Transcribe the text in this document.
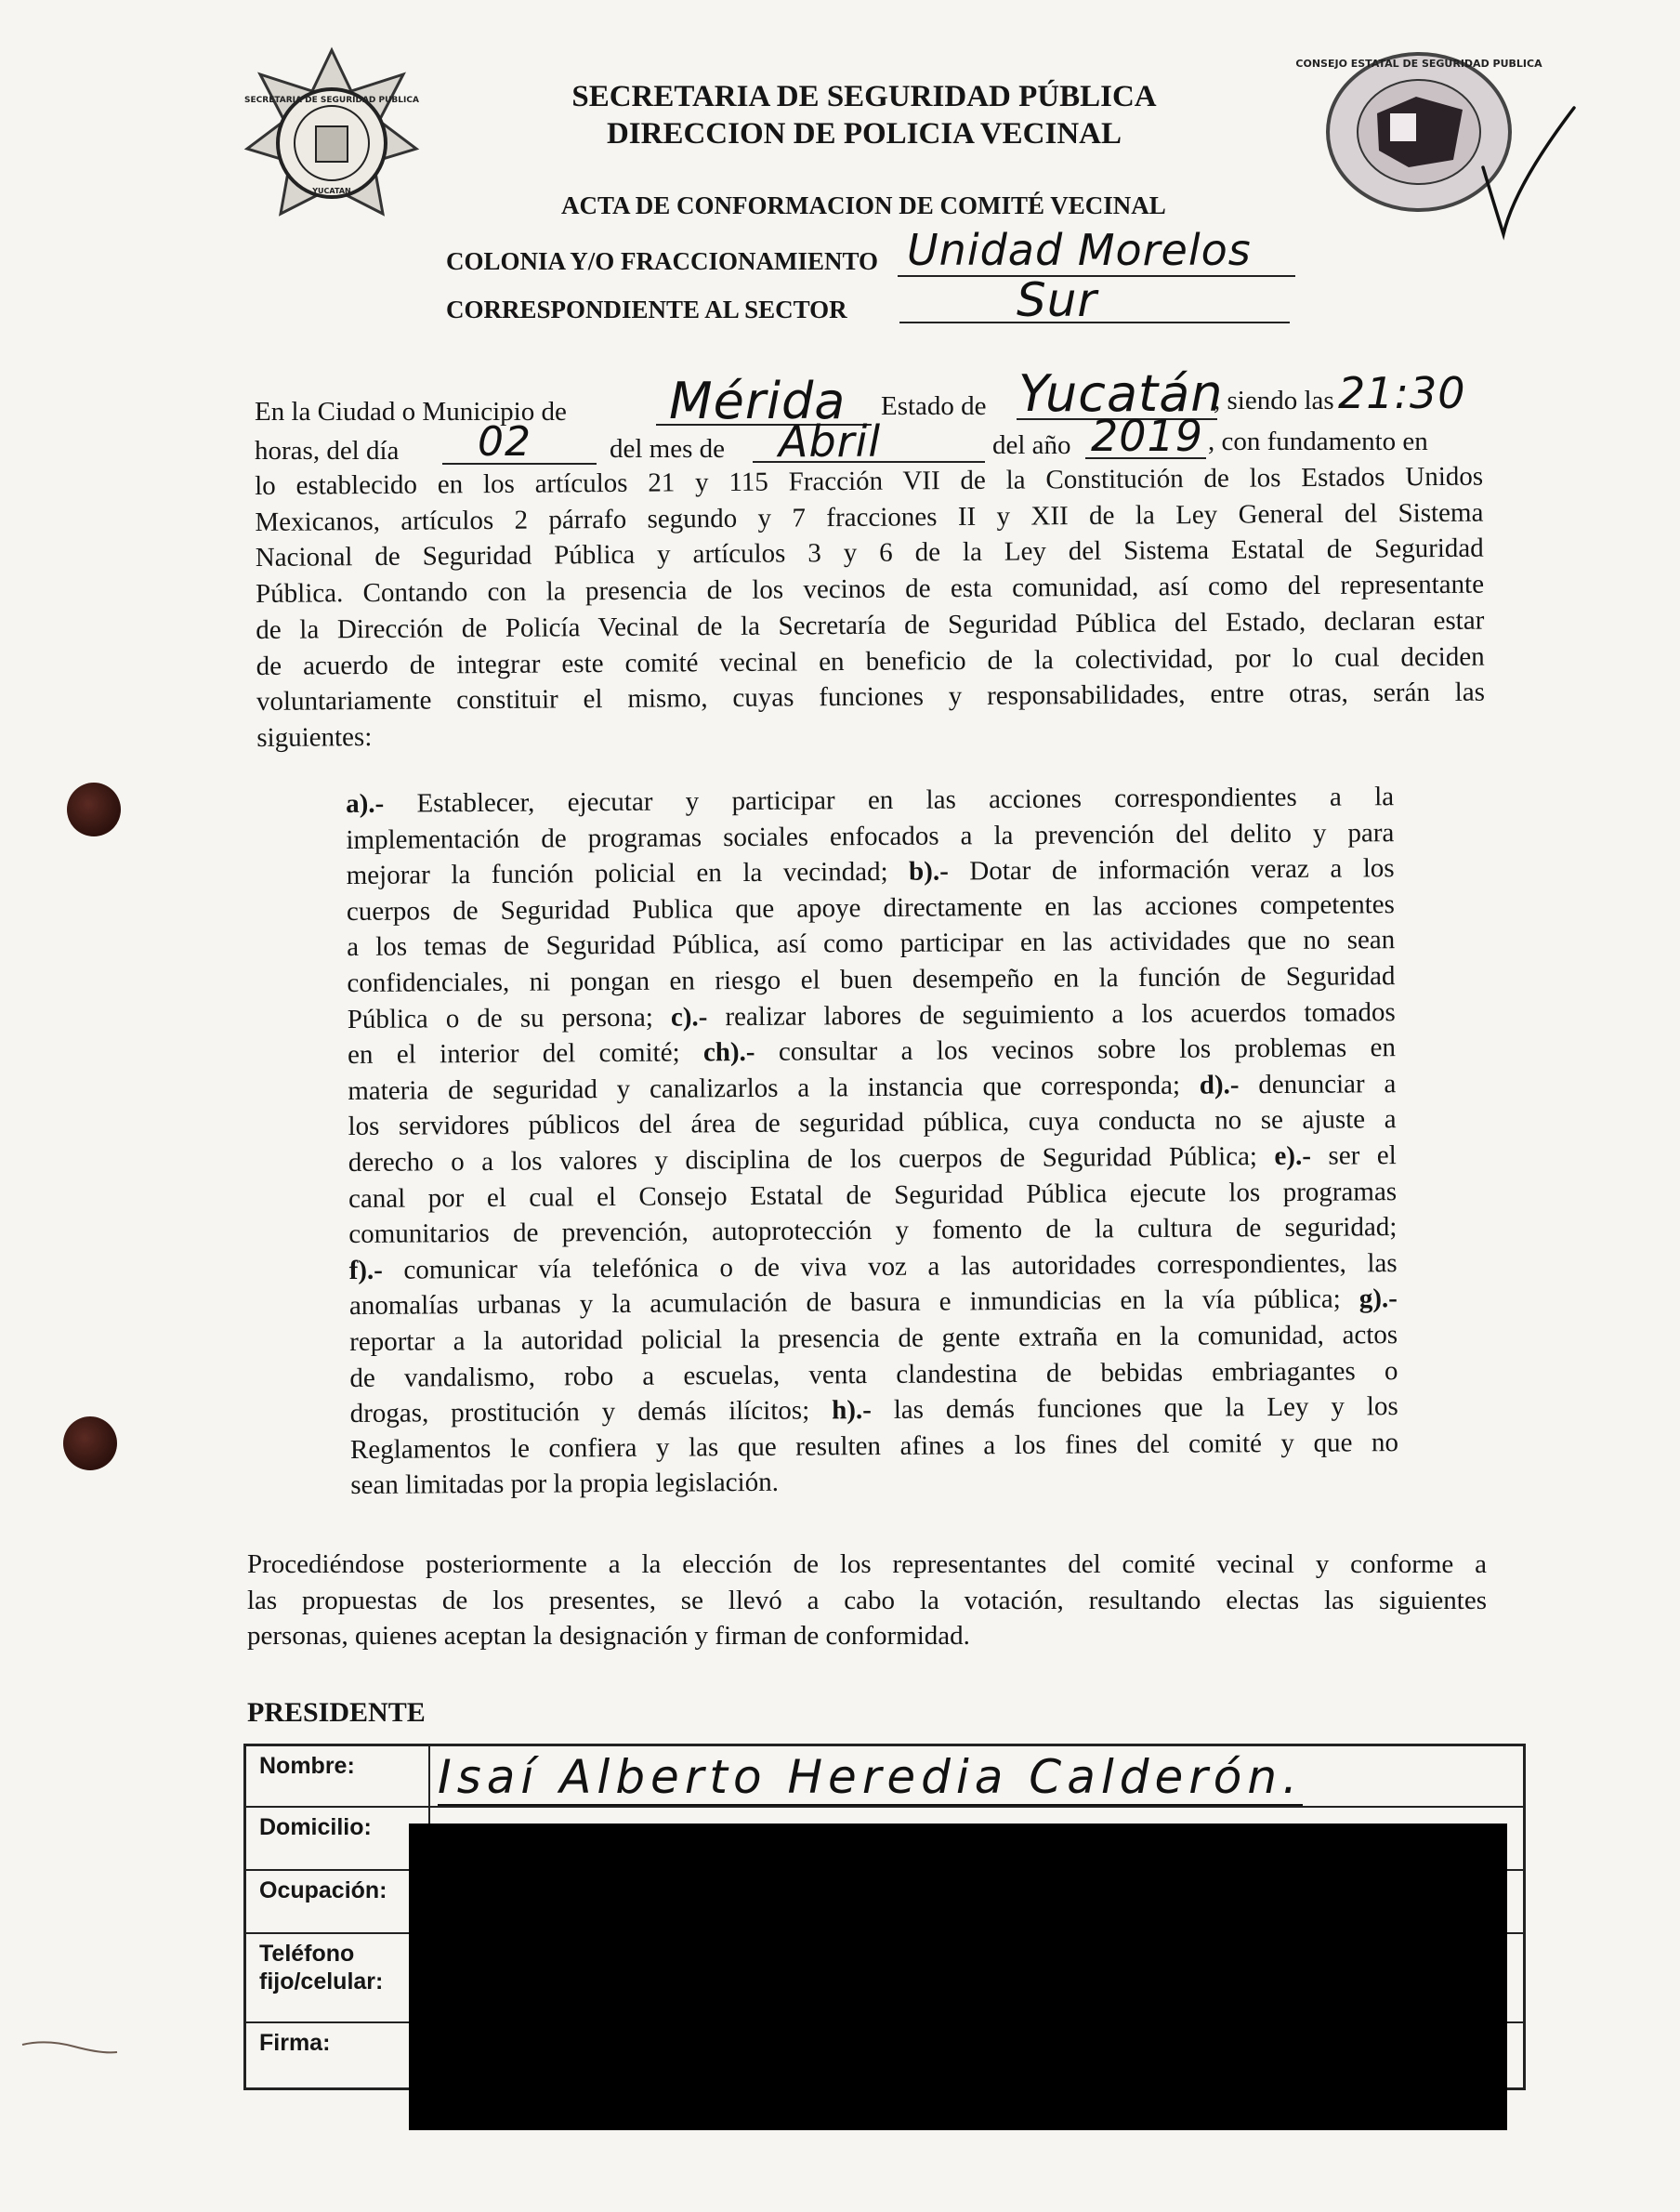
SECRETARIA DE SEGURIDAD PUBLICA
YUCATAN
CONSEJO ESTATAL DE SEGURIDAD PUBLICA
SECRETARIA DE SEGURIDAD PÚBLICA
DIRECCION DE POLICIA VECINAL
ACTA DE CONFORMACION DE COMITÉ VECINAL
COLONIA Y/O FRACCIONAMIENTO Unidad Morelos
CORRESPONDIENTE AL SECTOR	Sur
En la Ciudad o Municipio de Mérida Estado de Yucatán
, siendo las 21:30
horas, del día 02	del mes de Abril	del año 2019 , con fundamento en
lo establecido en los artículos 21 y 115 Fracción VII de la Constitución de los Estados Unidos
Mexicanos, artículos 2 párrafo segundo y 7 fracciones II y XII de la Ley General del Sistema
Nacional de Seguridad Pública y artículos 3 y 6 de la Ley del Sistema Estatal de Seguridad
Pública. Contando con la presencia de los vecinos de esta comunidad, así como del representante
de la Dirección de Policía Vecinal de la Secretaría de Seguridad Pública del Estado, declaran estar
de acuerdo de integrar este comité vecinal en beneficio de la colectividad, por lo cual deciden
voluntariamente constituir el mismo, cuyas funciones y responsabilidades, entre otras, serán las
siguientes:
a).- Establecer, ejecutar y participar en las acciones correspondientes a la
implementación de programas sociales enfocados a la prevención del delito y para
mejorar la función policial en la vecindad; b).- Dotar de información veraz a los
cuerpos de Seguridad Publica que apoye directamente en las acciones competentes
a los temas de Seguridad Pública, así como participar en las actividades que no sean
confidenciales, ni pongan en riesgo el buen desempeño en la función de Seguridad
Pública o de su persona; c).- realizar labores de seguimiento a los acuerdos tomados
en el interior del comité; ch).- consultar a los vecinos sobre los problemas en
materia de seguridad y canalizarlos a la instancia que corresponda; d).- denunciar a
los servidores públicos del área de seguridad pública, cuya conducta no se ajuste a
derecho o a los valores y disciplina de los cuerpos de Seguridad Pública; e).- ser el
canal por el cual el Consejo Estatal de Seguridad Pública ejecute los programas
comunitarios de prevención, autoprotección y fomento de la cultura de seguridad;
f).- comunicar vía telefónica o de viva voz a las autoridades correspondientes, las
anomalías urbanas y la acumulación de basura e inmundicias en la vía pública; g).-
reportar a la autoridad policial la presencia de gente extraña en la comunidad, actos
de vandalismo, robo a escuelas, venta clandestina de bebidas embriagantes o
drogas, prostitución y demás ilícitos; h).- las demás funciones que la Ley y los
Reglamentos le confiera y las que resulten afines a los fines del comité y que no
sean limitadas por la propia legislación.
Procediéndose posteriormente a la elección de los representantes del comité vecinal y conforme a
las propuestas de los presentes, se llevó a cabo la votación, resultando electas las siguientes
personas, quienes aceptan la designación y firman de conformidad.
PRESIDENTE
Nombre:	Isaí Alberto Heredia Calderón.

Domicilio:	
Ocupación:	
Teléfono
fijo/celular:	
Firma:	
